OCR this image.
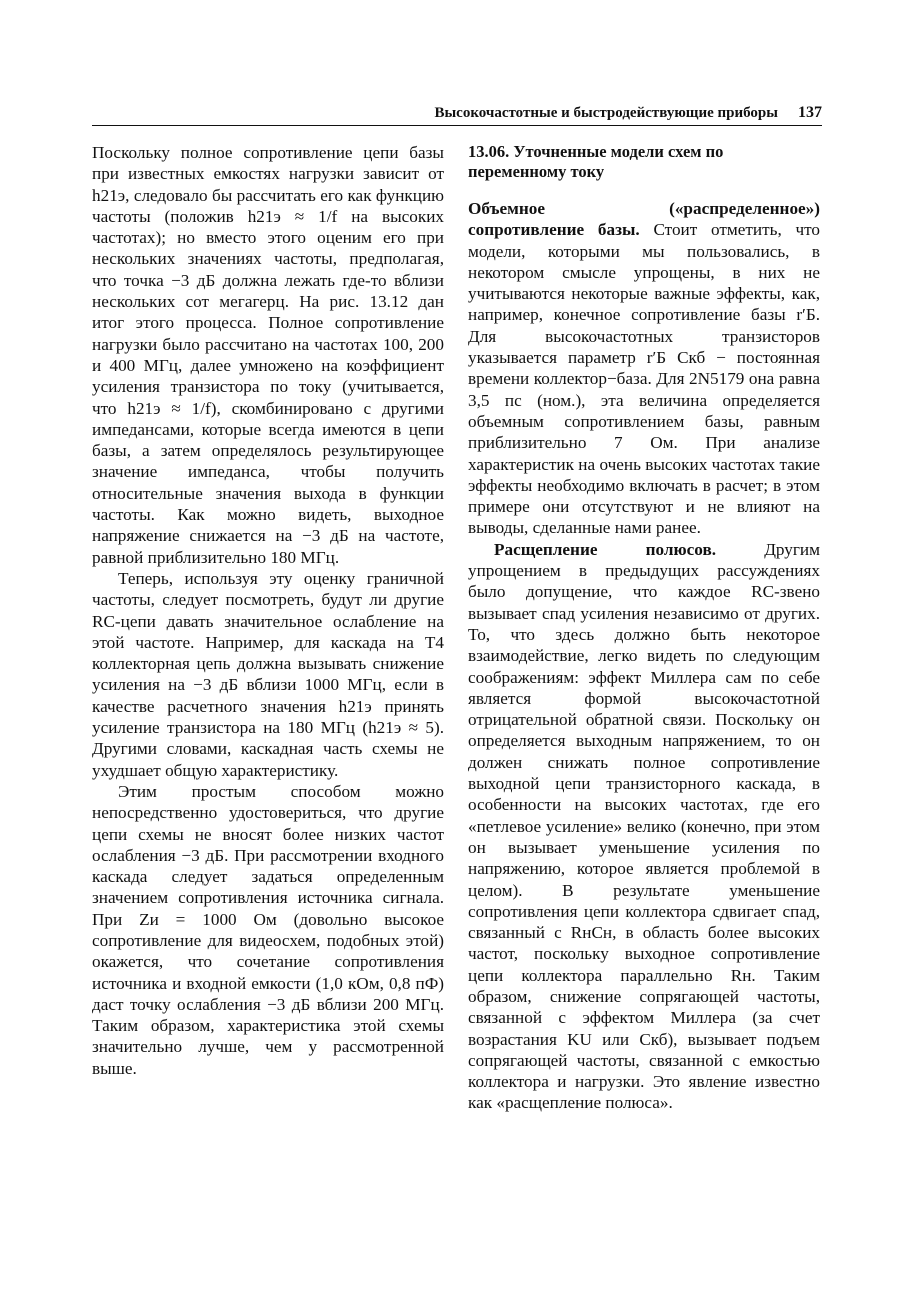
Высокочастотные и быстродействующие приборы 137

Поскольку полное сопротивление цепи базы при известных емкостях нагрузки зависит от h21э, следовало бы рассчитать его как функцию частоты (положив h21э ≈ 1/f на высоких частотах); но вместо этого оценим его при нескольких значениях частоты, предполагая, что точка −3 дБ должна лежать где-то вблизи нескольких сот мегагерц. На рис. 13.12 дан итог этого процесса. Полное сопротивление нагрузки было рассчитано на частотах 100, 200 и 400 МГц, далее умножено на коэффициент усиления транзистора по току (учитывается, что h21э ≈ 1/f), скомбинировано с другими импедансами, которые всегда имеются в цепи базы, а затем определялось результирующее значение импеданса, чтобы получить относительные значения выхода в функции частоты. Как можно видеть, выходное напряжение снижается на −3 дБ на частоте, равной приблизительно 180 МГц.

Теперь, используя эту оценку граничной частоты, следует посмотреть, будут ли другие RC-цепи давать значительное ослабление на этой частоте. Например, для каскада на T4 коллекторная цепь должна вызывать снижение усиления на −3 дБ вблизи 1000 МГц, если в качестве расчетного значения h21э принять усиление транзистора на 180 МГц (h21э ≈ 5). Другими словами, каскадная часть схемы не ухудшает общую характеристику.

Этим простым способом можно непосредственно удостовериться, что другие цепи схемы не вносят более низких частот ослабления −3 дБ. При рассмотрении входного каскада следует задаться определенным значением сопротивления источника сигнала. При Zи = 1000 Ом (довольно высокое сопротивление для видеосхем, подобных этой) окажется, что сочетание сопротивления источника и входной емкости (1,0 кОм, 0,8 пФ) даст точку ослабления −3 дБ вблизи 200 МГц. Таким образом, характеристика этой схемы значительно лучше, чем у рассмотренной выше.

13.06. Уточненные модели схем по переменному току

Объемное («распределенное») сопротивление базы. Стоит отметить, что модели, которыми мы пользовались, в некотором смысле упрощены, в них не учитываются некоторые важные эффекты, как, например, конечное сопротивление базы r′Б. Для высокочастотных транзисторов указывается параметр r′Б Cкб − постоянная времени коллектор−база. Для 2N5179 она равна 3,5 пс (ном.), эта величина определяется объемным сопротивлением базы, равным приблизительно 7 Ом. При анализе характеристик на очень высоких частотах такие эффекты необходимо включать в расчет; в этом примере они отсутствуют и не влияют на выводы, сделанные нами ранее.

Расщепление полюсов. Другим упрощением в предыдущих рассуждениях было допущение, что каждое RC-звено вызывает спад усиления независимо от других. То, что здесь должно быть некоторое взаимодействие, легко видеть по следующим соображениям: эффект Миллера сам по себе является формой высокочастотной отрицательной обратной связи. Поскольку он определяется выходным напряжением, то он должен снижать полное сопротивление выходной цепи транзисторного каскада, в особенности на высоких частотах, где его «петлевое усиление» велико (конечно, при этом он вызывает уменьшение усиления по напряжению, которое является проблемой в целом). В результате уменьшение сопротивления цепи коллектора сдвигает спад, связанный с RнCн, в область более высоких частот, поскольку выходное сопротивление цепи коллектора параллельно Rн. Таким образом, снижение сопрягающей частоты, связанной с эффектом Миллера (за счет возрастания KU или Cкб), вызывает подъем сопрягающей частоты, связанной с емкостью коллектора и нагрузки. Это явление известно как «расщепление полюса».
